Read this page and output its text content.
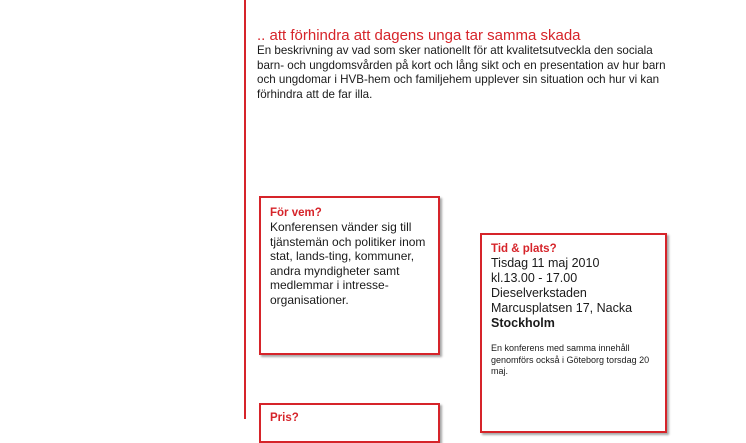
.. att förhindra att dagens unga tar samma skada

En beskrivning av vad som sker nationellt för att kvalitetsutveckla den sociala barn- och ungdomsvården på kort och lång sikt och en presentation av hur barn och ungdomar i HVB-hem och familjehem upplever sin situation och hur vi kan förhindra att de far illa.

För vem?

Konferensen vänder sig till tjänstemän och politiker inom stat, lands-ting, kommuner, andra myndigheter samt medlemmar i intresse-organisationer.

Tid & plats?

Tisdag 11 maj 2010

kl.13.00 - 17.00

Dieselverkstaden

Marcusplatsen 17, Nacka

Stockholm

En konferens med samma innehåll genomförs också i Göteborg torsdag 20 maj.

Pris?
